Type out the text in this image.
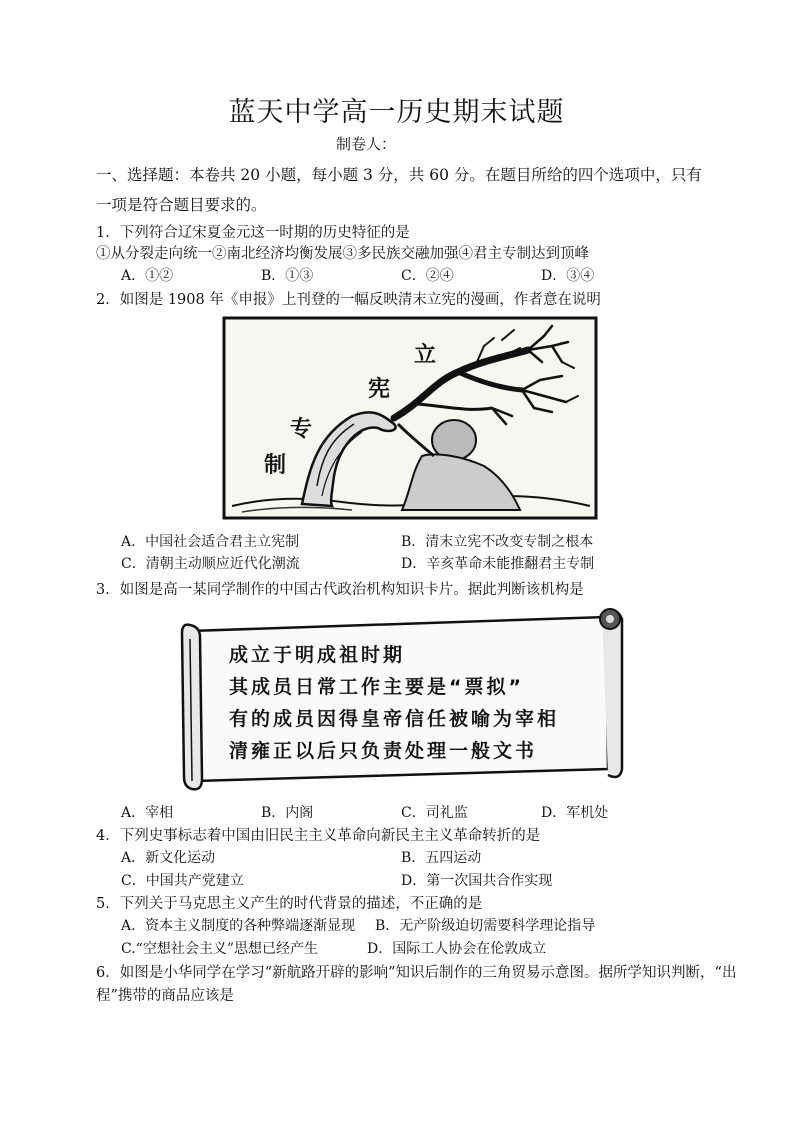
蓝天中学高一历史期末试题
制卷人：
一、选择题：本卷共 20 小题，每小题 3 分，共 60 分。在题目所给的四个选项中，只有
一项是符合题目要求的。
1．下列符合辽宋夏金元这一时期的历史特征的是
①从分裂走向统一②南北经济均衡发展③多民族交融加强④君主专制达到顶峰
A．①②	B．①③	C．②④	D．③④
2．如图是 1908 年《申报》上刊登的一幅反映清末立宪的漫画，作者意在说明
立
宪
专
制
A．中国社会适合君主立宪制	B．清末立宪不改变专制之根本
C．清朝主动顺应近代化潮流	D．辛亥革命未能推翻君主专制
3．如图是高一某同学制作的中国古代政治机构知识卡片。据此判断该机构是
成立于明成祖时期
其成员日常工作主要是“票拟”
有的成员因得皇帝信任被喻为宰相
清雍正以后只负责处理一般文书
A．宰相	B．内阁	C．司礼监	D．军机处
4．下列史事标志着中国由旧民主主义革命向新民主主义革命转折的是
A．新文化运动	B．五四运动
C．中国共产党建立	D．第一次国共合作实现
5．下列关于马克思主义产生的时代背景的描述，不正确的是
A．资本主义制度的各种弊端逐渐显现 B．无产阶级迫切需要科学理论指导
C.“空想社会主义”思想已经产生	D．国际工人协会在伦敦成立
6．如图是小华同学在学习“新航路开辟的影响”知识后制作的三角贸易示意图。据所学知识判断，“出
程”携带的商品应该是
